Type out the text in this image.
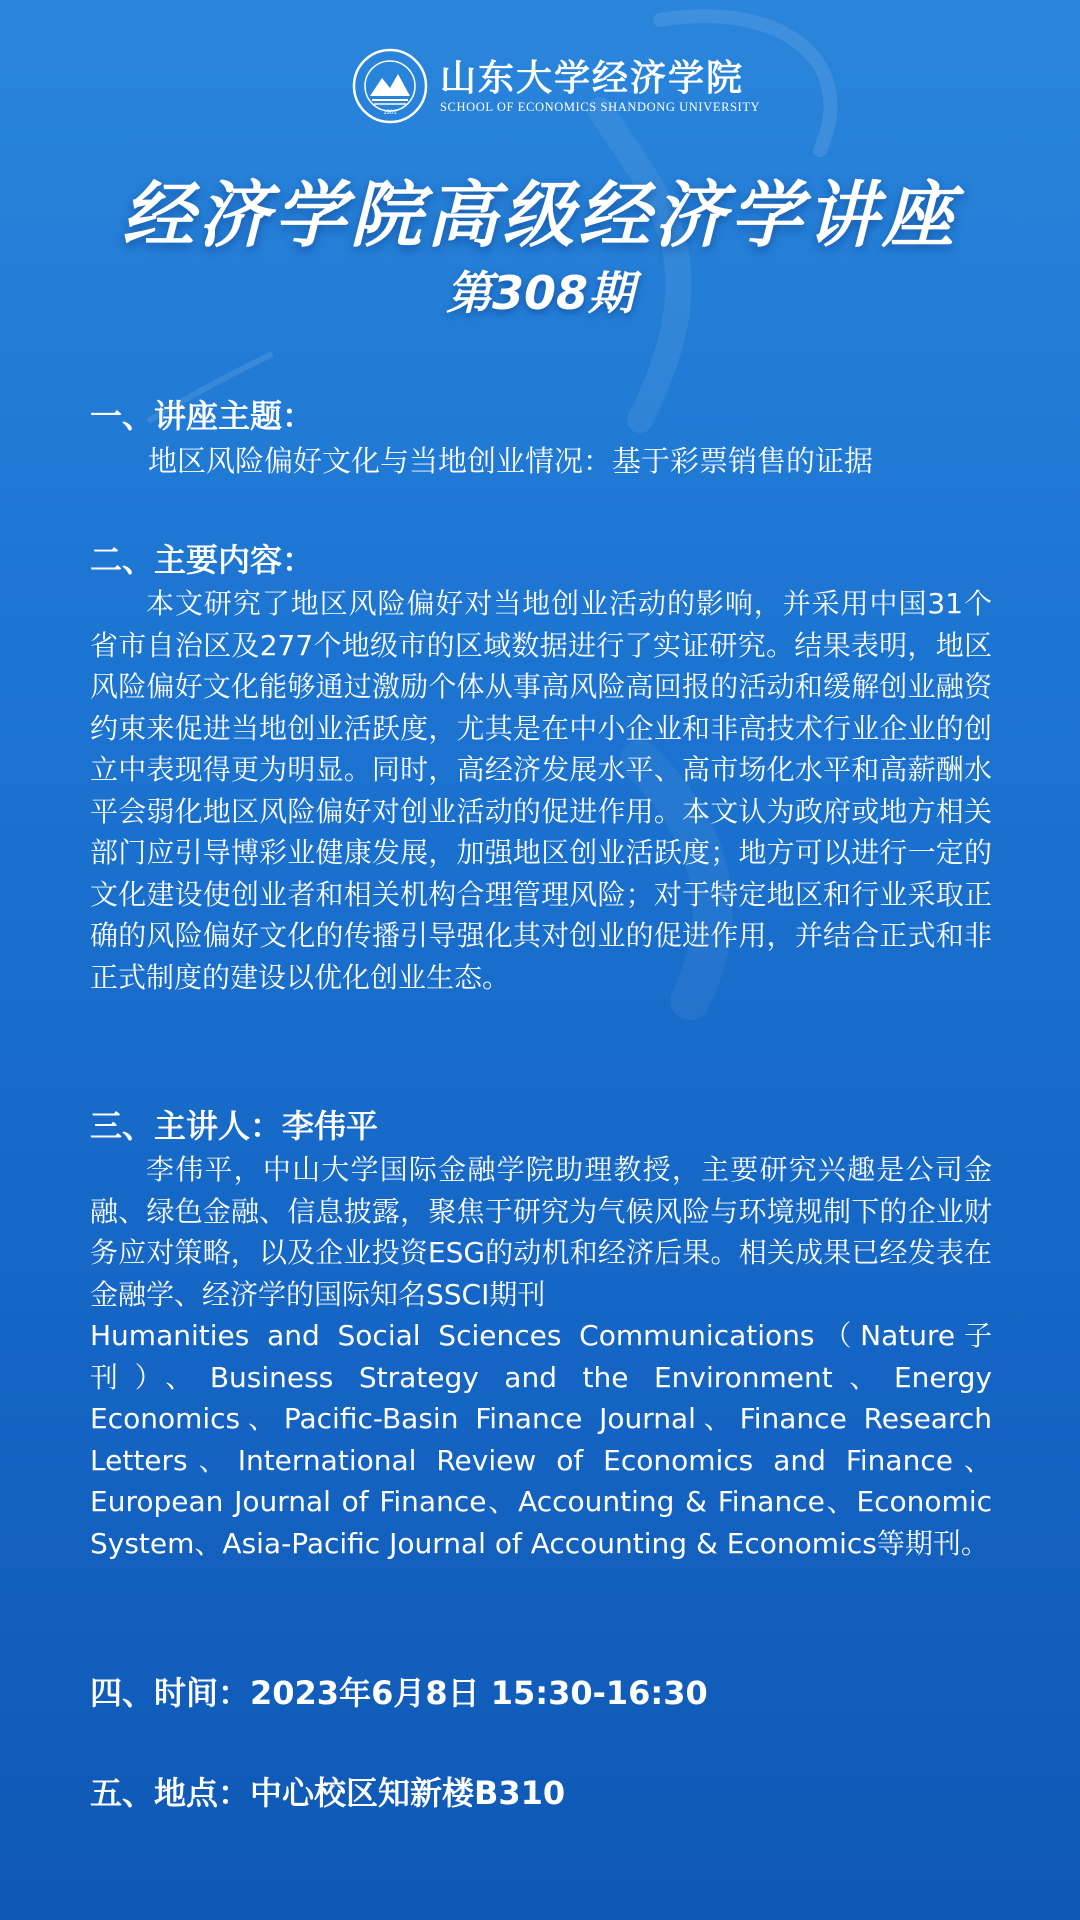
1901
山东大学经济学院
SCHOOL OF ECONOMICS SHANDONG UNIVERSITY
经济学院高级经济学讲座
第308期
一、讲座主题：
地区风险偏好文化与当地创业情况：基于彩票销售的证据
二、主要内容：

本文研究了地区风险偏好对当地创业活动的影响，并采用中国31个省市自治区及277个地级市的区域数据进行了实证研究。结果表明，地区风险偏好文化能够通过激励个体从事高风险高回报的活动和缓解创业融资约束来促进当地创业活跃度，尤其是在中小企业和非高技术行业企业的创立中表现得更为明显。同时，高经济发展水平、高市场化水平和高薪酬水平会弱化地区风险偏好对创业活动的促进作用。本文认为政府或地方相关部门应引导博彩业健康发展，加强地区创业活跃度；地方可以进行一定的文化建设使创业者和相关机构合理管理风险；对于特定地区和行业采取正确的风险偏好文化的传播引导强化其对创业的促进作用，并结合正式和非正式制度的建设以优化创业生态。

三、主讲人：李伟平

李伟平，中山大学国际金融学院助理教授，主要研究兴趣是公司金融、绿色金融、信息披露，聚焦于研究为气候风险与环境规制下的企业财务应对策略，以及企业投资ESG的动机和经济后果。相关成果已经发表在金融学、经济学的国际知名SSCI期刊

Humanities and Social Sciences Communications（Nature子刊）、Business Strategy and the Environment、Energy Economics、Pacific-Basin Finance Journal、Finance Research Letters、International Review of Economics and Finance、European Journal of Finance、Accounting & Finance、Economic System、Asia-Pacific Journal of Accounting & Economics等期刊。

四、时间：2023年6月8日 15:30-16:30
五、地点：中心校区知新楼B310
